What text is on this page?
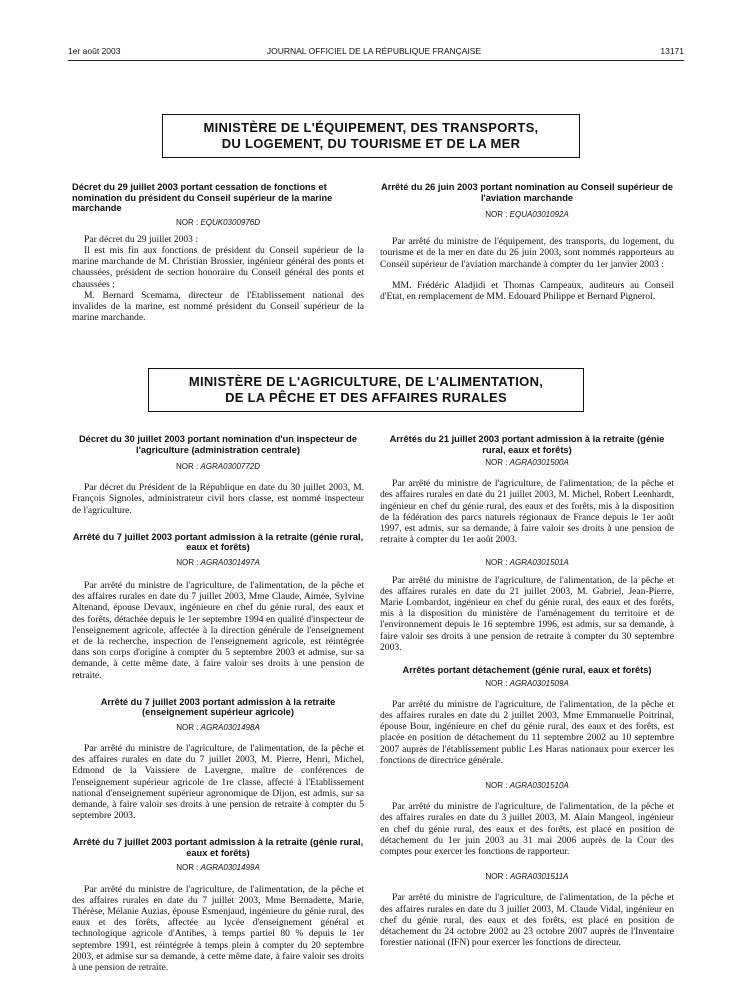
1er août 2003	JOURNAL OFFICIEL DE LA RÉPUBLIQUE FRANÇAISE	13171
MINISTÈRE DE L'ÉQUIPEMENT, DES TRANSPORTS,
DU LOGEMENT, DU TOURISME ET DE LA MER

Décret du 29 juillet 2003 portant cessation de fonctions et nomination du président du Conseil supérieur de la marine marchande

NOR : EQUK0300976D

Par décret du 29 juillet 2003 :

Il est mis fin aux fonctions de président du Conseil supérieur de la marine marchande de M. Christian Brossier, ingénieur général des ponts et chaussées, président de section honoraire du Conseil général des ponts et chaussées ;

M. Bernard Scemama, directeur de l'Etablissement national des invalides de la marine, est nommé président du Conseil supérieur de la marine marchande.

Arrêté du 26 juin 2003 portant nomination au Conseil supérieur de l'aviation marchande

NOR : EQUA0301092A

Par arrêté du ministre de l'équipement, des transports, du logement, du tourisme et de la mer en date du 26 juin 2003, sont nommés rapporteurs au Conseil supérieur de l'aviation marchande à compter du 1er janvier 2003 :

MM. Frédéric Aladjidi et Thomas Campeaux, auditeurs au Conseil d'Etat, en remplacement de MM. Edouard Philippe et Bernard Pignerol.

MINISTÈRE DE L'AGRICULTURE, DE L'ALIMENTATION,
DE LA PÊCHE ET DES AFFAIRES RURALES

Décret du 30 juillet 2003 portant nomination d'un inspecteur de l'agriculture (administration centrale)

NOR : AGRA0300772D

Par décret du Président de la République en date du 30 juillet 2003, M. François Signoles, administrateur civil hors classe, est nommé inspecteur de l'agriculture.

Arrêté du 7 juillet 2003 portant admission à la retraite (génie rural, eaux et forêts)

NOR : AGRA0301497A

Par arrêté du ministre de l'agriculture, de l'alimentation, de la pêche et des affaires rurales en date du 7 juillet 2003, Mme Claude, Aimée, Sylvine Altenand, épouse Devaux, ingénieure en chef du génie rural, des eaux et des forêts, détachée depuis le 1er septembre 1994 en qualité d'inspecteur de l'enseignement agricole, affectée à la direction générale de l'enseignement et de la recherche, inspection de l'enseignement agricole, est réintégrée dans son corps d'origine à compter du 5 septembre 2003 et admise, sur sa demande, à cette même date, à faire valoir ses droits à une pension de retraite.

Arrêté du 7 juillet 2003 portant admission à la retraite (enseignement supérieur agricole)

NOR : AGRA0301498A

Par arrêté du ministre de l'agriculture, de l'alimentation, de la pêche et des affaires rurales en date du 7 juillet 2003, M. Pierre, Henri, Michel, Edmond de la Vaissiere de Lavergne, maître de conférences de l'enseignement supérieur agricole de 1re classe, affecté à l'Etablissement national d'enseignement supérieur agronomique de Dijon, est admis, sur sa demande, à faire valoir ses droits à une pension de retraite à compter du 5 septembre 2003.

Arrêté du 7 juillet 2003 portant admission à la retraite (génie rural, eaux et forêts)

NOR : AGRA0301499A

Par arrêté du ministre de l'agriculture, de l'alimentation, de la pêche et des affaires rurales en date du 7 juillet 2003, Mme Bernadette, Marie, Thérèse, Mélanie Auzias, épouse Esmenjaud, ingénieure du génie rural, des eaux et des forêts, affectée au lycée d'enseignement général et technologique agricole d'Antibes, à temps partiel 80 % depuis le 1er septembre 1991, est réintégrée à temps plein à compter du 20 septembre 2003, et admise sur sa demande, à cette même date, à faire valoir ses droits à une pension de retraite.

Arrêtés du 21 juillet 2003 portant admission à la retraite (génie rural, eaux et forêts)

NOR : AGRA0301500A

Par arrêté du ministre de l'agriculture, de l'alimentation, de la pêche et des affaires rurales en date du 21 juillet 2003, M. Michel, Robert Leenhardt, ingénieur en chef du génie rural, des eaux et des forêts, mis à la disposition de la fédération des parcs naturels régionaux de France depuis le 1er août 1997, est admis, sur sa demande, à faire valoir ses droits à une pension de retraite à compter du 1er août 2003.

NOR : AGRA0301501A

Par arrêté du ministre de l'agriculture, de l'alimentation, de la pêche et des affaires rurales en date du 21 juillet 2003, M. Gabriel, Jean-Pierre, Marie Lombardot, ingénieur en chef du génie rural, des eaux et des forêts, mis à la disposition du ministère de l'aménagement du territoire et de l'environnement depuis le 16 septembre 1996, est admis, sur sa demande, à faire valoir ses droits à une pension de retraite à compter du 30 septembre 2003.

Arrêtés portant détachement (génie rural, eaux et forêts)

NOR : AGRA0301509A

Par arrêté du ministre de l'agriculture, de l'alimentation, de la pêche et des affaires rurales en date du 2 juillet 2003, Mme Emmanuelle Poitrinal, épouse Bour, ingénieure en chef du génie rural, des eaux et des forêts, est placée en position de détachement du 11 septembre 2002 au 10 septembre 2007 auprès de l'établissement public Les Haras nationaux pour exercer les fonctions de directrice générale.

NOR : AGRA0301510A

Par arrêté du ministre de l'agriculture, de l'alimentation, de la pêche et des affaires rurales en date du 3 juillet 2003, M. Alain Mangeol, ingénieur en chef du génie rural, des eaux et des forêts, est placé en position de détachement du 1er juin 2003 au 31 mai 2006 auprès de la Cour des comptes pour exercer les fonctions de rapporteur.

NOR : AGRA0301511A

Par arrêté du ministre de l'agriculture, de l'alimentation, de la pêche et des affaires rurales en date du 3 juillet 2003, M. Claude Vidal, ingénieur en chef du génie rural, des eaux et des forêts, est placé en position de détachement du 24 octobre 2002 au 23 octobre 2007 auprès de l'Inventaire forestier national (IFN) pour exercer les fonctions de directeur.
